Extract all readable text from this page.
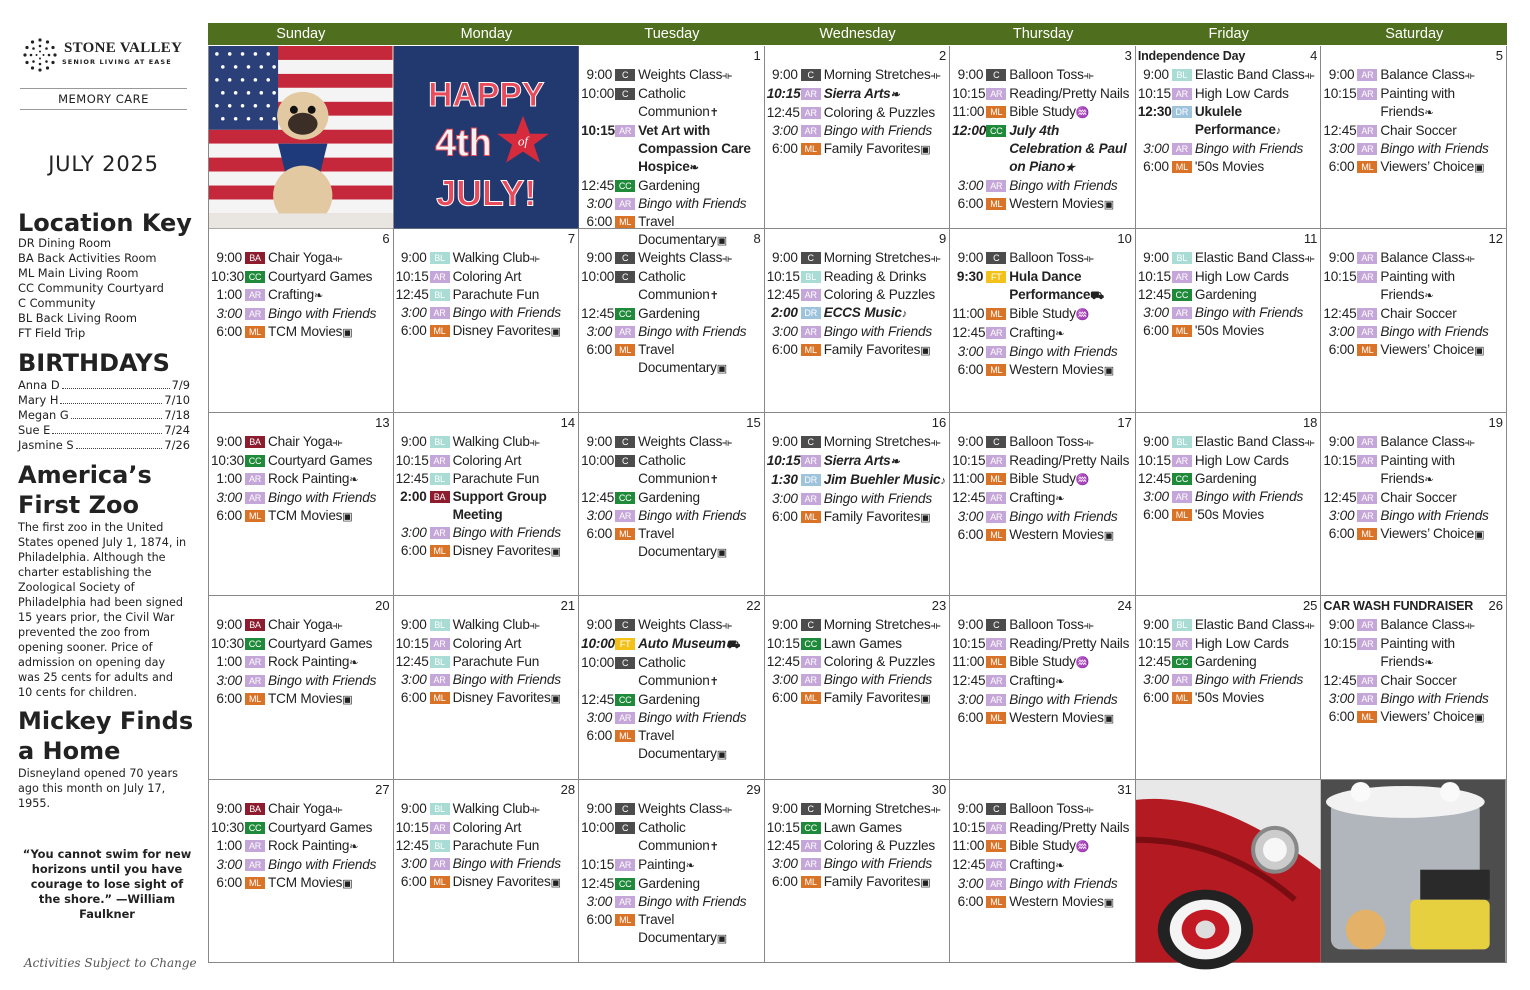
STONE VALLEY
SENIOR LIVING AT EASE
MEMORY CARE
JULY 2025
Location Key
DR Dining Room
BA Back Activities Room
ML Main Living Room
CC Community Courtyard
C Community
BL Back Living Room
FT Field Trip
BIRTHDAYS
Anna D	7/9
Mary H	7/10
Megan G	7/18
Sue E	7/24
Jasmine S	7/26
America’s
First Zoo
The first zoo in the United States opened July 1, 1874, in Philadelphia. Although the charter establishing the Zoological Society of Philadelphia had been signed 15 years prior, the Civil War prevented the zoo from opening sooner. Price of admission on opening day was 25 cents for adults and 10 cents for children.
Mickey Finds
a Home
Disneyland opened 70 years ago this month on July 17, 1955.
“You cannot swim for new horizons until you have courage to lose sight of the shore.” —William Faulkner
Activities Subject to Change
Sunday	Monday	Tuesday	Wednesday	Thursday	Friday	Saturday
HAPPY
4th of
JULY!
1
9:00	C Weights Class⟛
10:00 C Catholic Communion✝
10:15 AR Vet Art with Compassion Care Hospice❧
12:45 CC Gardening
3:00 AR Bingo with Friends
6:00 ML Travel Documentary▣
2
9:00	C Morning Stretches⟛
10:15 AR Sierra Arts❧
12:45 AR Coloring & Puzzles
3:00 AR Bingo with Friends
6:00 ML Family Favorites▣
3
9:00	C Balloon Toss⟛
10:15 AR Reading/Pretty Nails
11:00 ML Bible Study♒
12:00 CC July 4th Celebration & Paul on Piano★
3:00 AR Bingo with Friends
6:00 ML Western Movies▣
4
Independence Day
9:00 BL Elastic Band Class⟛
10:15 AR High Low Cards
12:30 DR Ukulele Performance♪
3:00 AR Bingo with Friends
6:00 ML '50s Movies
5
9:00 AR Balance Class⟛
10:15 AR Painting with Friends❧
12:45 AR Chair Soccer
3:00 AR Bingo with Friends
6:00 ML Viewers’ Choice▣
6
9:00 BA Chair Yoga⟛
10:30 CC Courtyard Games
1:00 AR Crafting❧
3:00 AR Bingo with Friends
6:00 ML TCM Movies▣
7
9:00 BL Walking Club⟛
10:15 AR Coloring Art
12:45 BL Parachute Fun
3:00 AR Bingo with Friends
6:00 ML Disney Favorites▣
8
9:00	C Weights Class⟛
10:00 C Catholic Communion✝
12:45 CC Gardening
3:00 AR Bingo with Friends
6:00 ML Travel Documentary▣
9
9:00	C Morning Stretches⟛
10:15 BL Reading & Drinks
12:45 AR Coloring & Puzzles
2:00 DR ECCS Music♪
3:00 AR Bingo with Friends
6:00 ML Family Favorites▣
10
9:00	C Balloon Toss⟛
9:30 FT Hula Dance Performance⛟
11:00 ML Bible Study♒
12:45 AR Crafting❧
3:00 AR Bingo with Friends
6:00 ML Western Movies▣
11
9:00 BL Elastic Band Class⟛
10:15 AR High Low Cards
12:45 CC Gardening
3:00 AR Bingo with Friends
6:00 ML '50s Movies
12
9:00 AR Balance Class⟛
10:15 AR Painting with Friends❧
12:45 AR Chair Soccer
3:00 AR Bingo with Friends
6:00 ML Viewers’ Choice▣
13
9:00 BA Chair Yoga⟛
10:30 CC Courtyard Games
1:00 AR Rock Painting❧
3:00 AR Bingo with Friends
6:00 ML TCM Movies▣
14
9:00 BL Walking Club⟛
10:15 AR Coloring Art
12:45 BL Parachute Fun
2:00 BA Support Group Meeting
3:00 AR Bingo with Friends
6:00 ML Disney Favorites▣
15
9:00	C Weights Class⟛
10:00 C Catholic Communion✝
12:45 CC Gardening
3:00 AR Bingo with Friends
6:00 ML Travel Documentary▣
16
9:00	C Morning Stretches⟛
10:15 AR Sierra Arts❧
1:30 DR Jim Buehler Music♪
3:00 AR Bingo with Friends
6:00 ML Family Favorites▣
17
9:00	C Balloon Toss⟛
10:15 AR Reading/Pretty Nails
11:00 ML Bible Study♒
12:45 AR Crafting❧
3:00 AR Bingo with Friends
6:00 ML Western Movies▣
18
9:00 BL Elastic Band Class⟛
10:15 AR High Low Cards
12:45 CC Gardening
3:00 AR Bingo with Friends
6:00 ML '50s Movies
19
9:00 AR Balance Class⟛
10:15 AR Painting with Friends❧
12:45 AR Chair Soccer
3:00 AR Bingo with Friends
6:00 ML Viewers’ Choice▣
20
9:00 BA Chair Yoga⟛
10:30 CC Courtyard Games
1:00 AR Rock Painting❧
3:00 AR Bingo with Friends
6:00 ML TCM Movies▣
21
9:00 BL Walking Club⟛
10:15 AR Coloring Art
12:45 BL Parachute Fun
3:00 AR Bingo with Friends
6:00 ML Disney Favorites▣
22
9:00	C Weights Class⟛
10:00 FT Auto Museum⛟
10:00 C Catholic Communion✝
12:45 CC Gardening
3:00 AR Bingo with Friends
6:00 ML Travel Documentary▣
23
9:00	C Morning Stretches⟛
10:15 CC Lawn Games
12:45 AR Coloring & Puzzles
3:00 AR Bingo with Friends
6:00 ML Family Favorites▣
24
9:00	C Balloon Toss⟛
10:15 AR Reading/Pretty Nails
11:00 ML Bible Study♒
12:45 AR Crafting❧
3:00 AR Bingo with Friends
6:00 ML Western Movies▣
25
9:00 BL Elastic Band Class⟛
10:15 AR High Low Cards
12:45 CC Gardening
3:00 AR Bingo with Friends
6:00 ML '50s Movies
26
CAR WASH FUNDRAISER
9:00 AR Balance Class⟛
10:15 AR Painting with Friends❧
12:45 AR Chair Soccer
3:00 AR Bingo with Friends
6:00 ML Viewers’ Choice▣
27
9:00 BA Chair Yoga⟛
10:30 CC Courtyard Games
1:00 AR Rock Painting❧
3:00 AR Bingo with Friends
6:00 ML TCM Movies▣
28
9:00 BL Walking Club⟛
10:15 AR Coloring Art
12:45 BL Parachute Fun
3:00 AR Bingo with Friends
6:00 ML Disney Favorites▣
29
9:00	C Weights Class⟛
10:00 C Catholic Communion✝
10:15 AR Painting❧
12:45 CC Gardening
3:00 AR Bingo with Friends
6:00 ML Travel Documentary▣
30
9:00	C Morning Stretches⟛
10:15 CC Lawn Games
12:45 AR Coloring & Puzzles
3:00 AR Bingo with Friends
6:00 ML Family Favorites▣
31
9:00	C Balloon Toss⟛
10:15 AR Reading/Pretty Nails
11:00 ML Bible Study♒
12:45 AR Crafting❧
3:00 AR Bingo with Friends
6:00 ML Western Movies▣
